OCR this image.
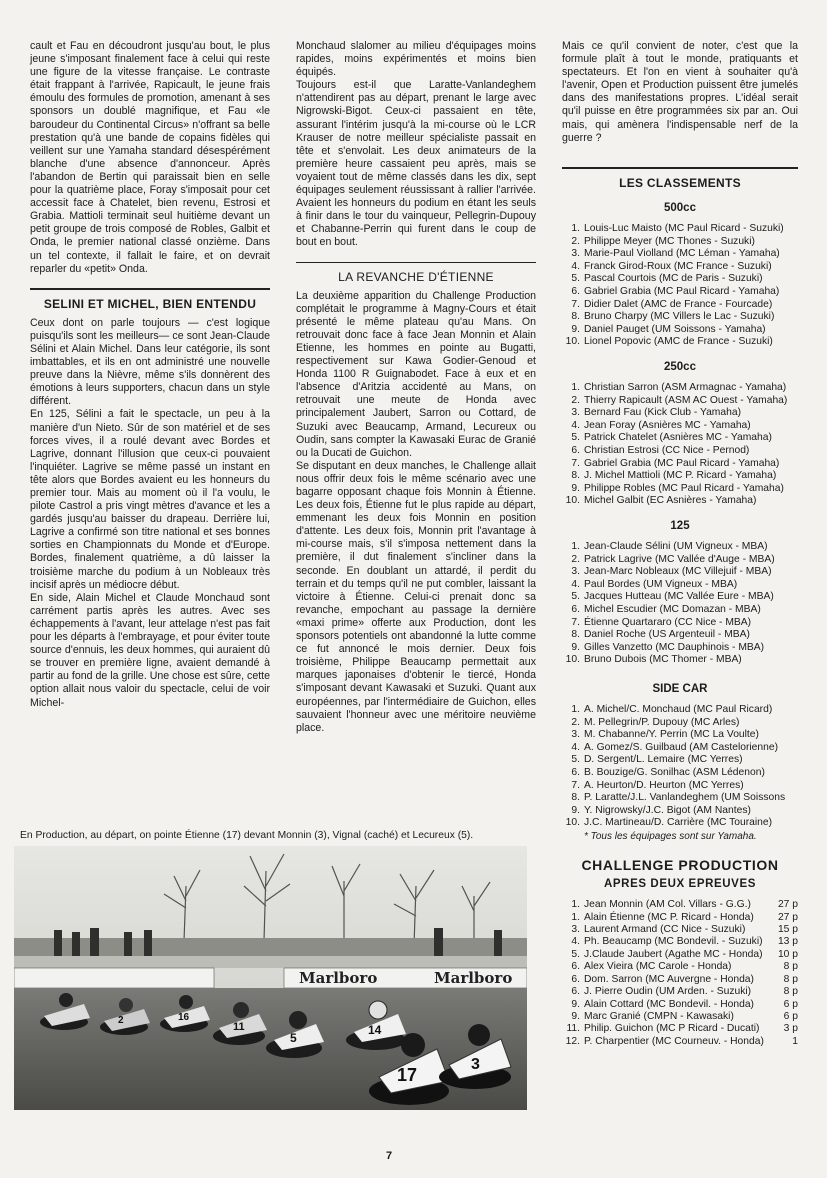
cault et Fau en découdront jusqu'au bout, le plus jeune s'imposant finalement face à celui qui reste une figure de la vitesse française. Le contraste était frappant à l'arrivée, Rapicault, le jeune frais émoulu des formules de promotion, amenant à ses sponsors un doublé magnifique, et Fau «le baroudeur du Continental Circus» n'offrant sa belle prestation qu'à une bande de copains fidèles qui veillent sur une Yamaha standard désespérément blanche d'une absence d'annonceur. Après l'abandon de Bertin qui paraissait bien en selle pour la quatrième place, Foray s'imposait pour cet accessit face à Chatelet, bien revenu, Estrosi et Grabia. Mattioli terminait seul huitième devant un petit groupe de trois composé de Robles, Galbit et Onda, le premier national classé onzième. Dans un tel contexte, il fallait le faire, et on devrait reparler du «petit» Onda.

SELINI ET MICHEL, BIEN ENTENDU

Ceux dont on parle toujours — c'est logique puisqu'ils sont les meilleurs— ce sont Jean-Claude Sélini et Alain Michel. Dans leur catégorie, ils sont imbattables, et ils en ont administré une nouvelle preuve dans la Nièvre, même s'ils donnèrent des émotions à leurs supporters, chacun dans un style différent.

En 125, Sélini a fait le spectacle, un peu à la manière d'un Nieto. Sûr de son matériel et de ses forces vives, il a roulé devant avec Bordes et Lagrive, donnant l'illusion que ceux-ci pouvaient l'inquiéter. Lagrive se même passé un instant en tête alors que Bordes avaient eu les honneurs du premier tour. Mais au moment où il l'a voulu, le pilote Castrol a pris vingt mètres d'avance et les a gardés jusqu'au baisser du drapeau. Derrière lui, Lagrive a confirmé son titre national et ses bonnes sorties en Championnats du Monde et d'Europe. Bordes, finalement quatrième, a dû laisser la troisième marche du podium à un Nobleaux très incisif après un médiocre début.

En side, Alain Michel et Claude Monchaud sont carrément partis après les autres. Avec ses échappements à l'avant, leur attelage n'est pas fait pour les départs à l'embrayage, et pour éviter toute source d'ennuis, les deux hommes, qui auraient dû se trouver en première ligne, avaient demandé à partir au fond de la grille. Une chose est sûre, cette option allait nous valoir du spectacle, celui de voir Michel-

Monchaud slalomer au milieu d'équipages moins rapides, moins expérimentés et moins bien équipés.

Toujours est-il que Laratte-Vanlandeghem n'attendirent pas au départ, prenant le large avec Nigrowski-Bigot. Ceux-ci passaient en tête, assurant l'intérim jusqu'à la mi-course où le LCR Krauser de notre meilleur spécialiste passait en tête et s'envolait. Les deux animateurs de la première heure cassaient peu après, mais se voyaient tout de même classés dans les dix, sept équipages seulement réussissant à rallier l'arrivée. Avaient les honneurs du podium en étant les seuls à finir dans le tour du vainqueur, Pellegrin-Dupouy et Chabanne-Perrin qui furent dans le coup de bout en bout.

LA REVANCHE D'ÉTIENNE

La deuxième apparition du Challenge Production complétait le programme à Magny-Cours et était présenté le même plateau qu'au Mans. On retrouvait donc face à face Jean Monnin et Alain Etienne, les hommes en pointe au Bugatti, respectivement sur Kawa Godier-Genoud et Honda 1100 R Guignabodet. Face à eux et en l'absence d'Aritzia accidenté au Mans, on retrouvait une meute de Honda avec principalement Jaubert, Sarron ou Cottard, de Suzuki avec Beaucamp, Armand, Lecureux ou Oudin, sans compter la Kawasaki Eurac de Granié ou la Ducati de Guichon.

Se disputant en deux manches, le Challenge allait nous offrir deux fois le même scénario avec une bagarre opposant chaque fois Monnin à Étienne. Les deux fois, Étienne fut le plus rapide au départ, emmenant les deux fois Monnin en position d'attente. Les deux fois, Monnin prit l'avantage à mi-course mais, s'il s'imposa nettement dans la première, il dut finalement s'incliner dans la seconde. En doublant un attardé, il perdit du terrain et du temps qu'il ne put combler, laissant la victoire à Étienne. Celui-ci prenait donc sa revanche, empochant au passage la dernière «maxi prime» offerte aux Production, dont les sponsors potentiels ont abandonné la lutte comme ce fut annoncé le mois dernier. Deux fois troisième, Philippe Beaucamp permettait aux marques japonaises d'obtenir le tiercé, Honda s'imposant devant Kawasaki et Suzuki. Quant aux européennes, par l'intermédiaire de Guichon, elles sauvaient l'honneur avec une méritoire neuvième place.

Mais ce qu'il convient de noter, c'est que la formule plaît à tout le monde, pratiquants et spectateurs. Et l'on en vient à souhaiter qu'à l'avenir, Open et Production puissent être jumelés dans des manifestations propres. L'idéal serait qu'il puisse en être programmées six par an. Oui mais, qui amènera l'indispensable nerf de la guerre ?

LES CLASSEMENTS
500cc
1. Louis-Luc Maisto (MC Paul Ricard - Suzuki)
2. Philippe Meyer (MC Thones - Suzuki)
3. Marie-Paul Violland (MC Léman - Yamaha)
4. Franck Girod-Roux (MC France - Suzuki)
5. Pascal Courtois (MC de Paris - Suzuki)
6. Gabriel Grabia (MC Paul Ricard - Yamaha)
7. Didier Dalet (AMC de France - Fourcade)
8. Bruno Charpy (MC Villers le Lac - Suzuki)
9. Daniel Pauget (UM Soissons - Yamaha)
10. Lionel Popovic (AMC de France - Suzuki)
250cc
1. Christian Sarron (ASM Armagnac - Yamaha)
2. Thierry Rapicault (ASM AC Ouest - Yamaha)
3. Bernard Fau (Kick Club - Yamaha)
4. Jean Foray (Asnières MC - Yamaha)
5. Patrick Chatelet (Asnières MC - Yamaha)
6. Christian Estrosi (CC Nice - Pernod)
7. Gabriel Grabia (MC Paul Ricard - Yamaha)
8. J. Michel Mattioli (MC P. Ricard - Yamaha)
9. Philippe Robles (MC Paul Ricard - Yamaha)
10. Michel Galbit (EC Asnières - Yamaha)
125
1. Jean-Claude Sélini (UM Vigneux - MBA)
2. Patrick Lagrive (MC Vallée d'Auge - MBA)
3. Jean-Marc Nobleaux (MC Villejuif - MBA)
4. Paul Bordes (UM Vigneux - MBA)
5. Jacques Hutteau (MC Vallée Eure - MBA)
6. Michel Escudier (MC Domazan - MBA)
7. Étienne Quartararo (CC Nice - MBA)
8. Daniel Roche (US Argenteuil - MBA)
9. Gilles Vanzetto (MC Dauphinois - MBA)
10. Bruno Dubois (MC Thomer - MBA)
SIDE CAR
1. A. Michel/C. Monchaud (MC Paul Ricard)
2. M. Pellegrin/P. Dupouy (MC Arles)
3. M. Chabanne/Y. Perrin (MC La Voulte)
4. A. Gomez/S. Guilbaud (AM Castelorienne)
5. D. Sergent/L. Lemaire (MC Yerres)
6. B. Bouzige/G. Sonilhac (ASM Lédenon)
7. A. Heurton/D. Heurton (MC Yerres)
8. P. Laratte/J.L. Vanlandeghem (UM Soissons
9. Y. Nigrowsky/J.C. Bigot (AM Nantes)
10. J.C. Martineau/D. Carrière (MC Touraine)
* Tous les équipages sont sur Yamaha.
CHALLENGE PRODUCTION
APRES DEUX EPREUVES
1. Jean Monnin (AM Col. Villars - G.G.)	27 p
1. Alain Étienne (MC P. Ricard - Honda)	27 p
3. Laurent Armand (CC Nice - Suzuki)	15 p
4. Ph. Beaucamp (MC Bondevil. - Suzuki)	13 p
5. J.Claude Jaubert (Agathe MC - Honda)	10 p
6. Alex Vieira (MC Carole - Honda)	8 p
6. Dom. Sarron (MC Auvergne - Honda)	8 p
6. J. Pierre Oudin (UM Arden. - Suzuki)	8 p
9. Alain Cottard (MC Bondevil. - Honda)	6 p
9. Marc Granié (CMPN - Kawasaki)	6 p
11. Philip. Guichon (MC P Ricard - Ducati)	3 p
12. P. Charpentier (MC Courneuv. - Honda)	1
En Production, au départ, on pointe Étienne (17) devant Monnin (3), Vignal (caché) et Lecureux (5).
Marlboro	Marlboro
2	16
11
5
14
17
3
7
